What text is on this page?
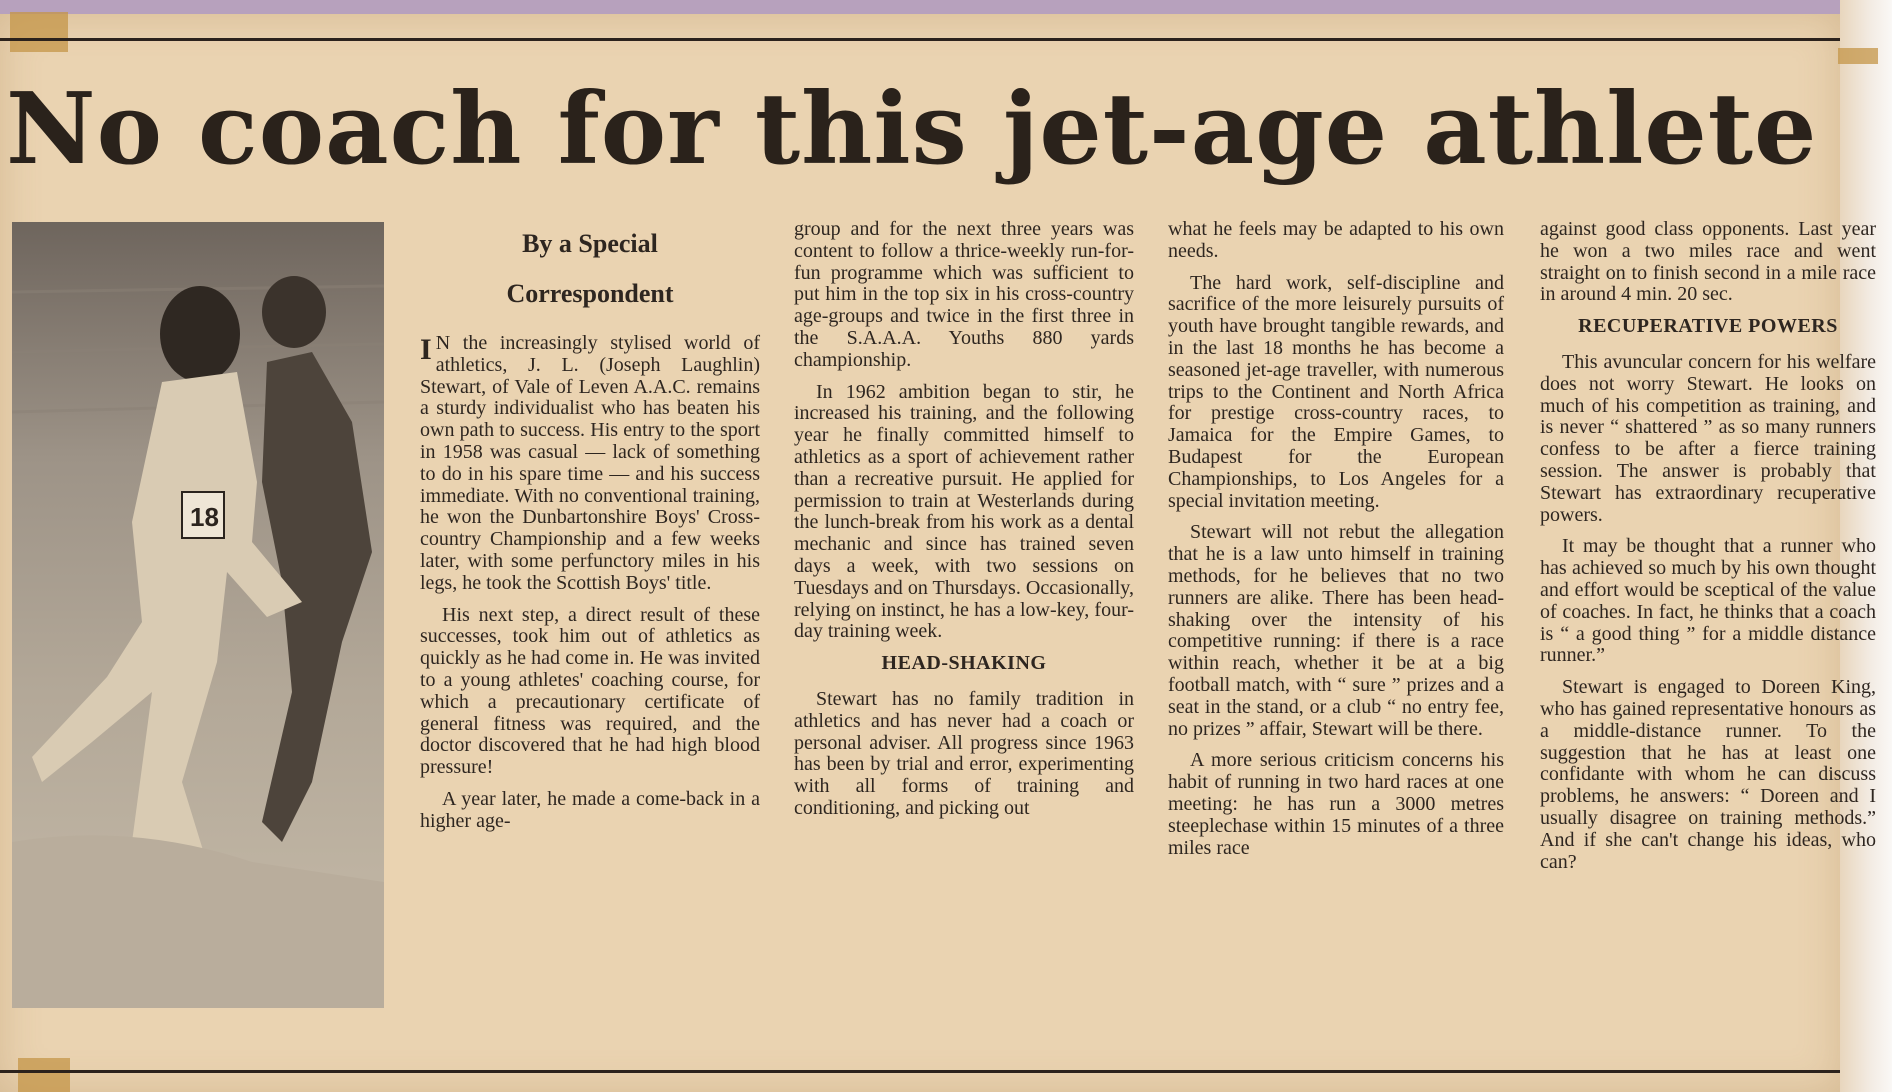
No coach for this jet-age athlete
18
By a Special
Correspondent

I N the increasingly stylised world of athletics, J. L. (Joseph Laughlin) Stewart, of Vale of Leven A.A.C. remains a sturdy individualist who has beaten his own path to success. His entry to the sport in 1958 was casual — lack of something to do in his spare time — and his success immediate. With no conventional training, he won the Dunbartonshire Boys' Cross-country Championship and a few weeks later, with some perfunctory miles in his legs, he took the Scottish Boys' title.

His next step, a direct result of these successes, took him out of athletics as quickly as he had come in. He was invited to a young athletes' coaching course, for which a precautionary certificate of general fitness was required, and the doctor discovered that he had high blood pressure!

A year later, he made a come-back in a higher age-

group and for the next three years was content to follow a thrice-weekly run-for-fun programme which was sufficient to put him in the top six in his cross-country age-groups and twice in the first three in the S.A.A.A. Youths 880 yards championship.

In 1962 ambition began to stir, he increased his training, and the following year he finally committed himself to athletics as a sport of achievement rather than a recreative pursuit. He applied for permission to train at Westerlands during the lunch-break from his work as a dental mechanic and since has trained seven days a week, with two sessions on Tuesdays and on Thursdays. Occasionally, relying on instinct, he has a low-key, four-day training week.

HEAD-SHAKING

Stewart has no family tradition in athletics and has never had a coach or personal adviser. All progress since 1963 has been by trial and error, experimenting with all forms of training and conditioning, and picking out

what he feels may be adapted to his own needs.

The hard work, self-discipline and sacrifice of the more leisurely pursuits of youth have brought tangible rewards, and in the last 18 months he has become a seasoned jet-age traveller, with numerous trips to the Continent and North Africa for prestige cross-country races, to Jamaica for the Empire Games, to Budapest for the European Championships, to Los Angeles for a special invitation meeting.

Stewart will not rebut the allegation that he is a law unto himself in training methods, for he believes that no two runners are alike. There has been head-shaking over the intensity of his competitive running: if there is a race within reach, whether it be at a big football match, with “ sure ” prizes and a seat in the stand, or a club “ no entry fee, no prizes ” affair, Stewart will be there.

A more serious criticism concerns his habit of running in two hard races at one meeting: he has run a 3000 metres steeplechase within 15 minutes of a three miles race

against good class opponents. Last year he won a two miles race and went straight on to finish second in a mile race in around 4 min. 20 sec.

RECUPERATIVE POWERS

This avuncular concern for his welfare does not worry Stewart. He looks on much of his competition as training, and is never “ shattered ” as so many runners confess to be after a fierce training session. The answer is probably that Stewart has extraordinary recuperative powers.

It may be thought that a runner who has achieved so much by his own thought and effort would be sceptical of the value of coaches. In fact, he thinks that a coach is “ a good thing ” for a middle distance runner.”

Stewart is engaged to Doreen King, who has gained representative honours as a middle-distance runner. To the suggestion that he has at least one confidante with whom he can discuss problems, he answers: “ Doreen and I usually disagree on training methods.” And if she can't change his ideas, who can?
